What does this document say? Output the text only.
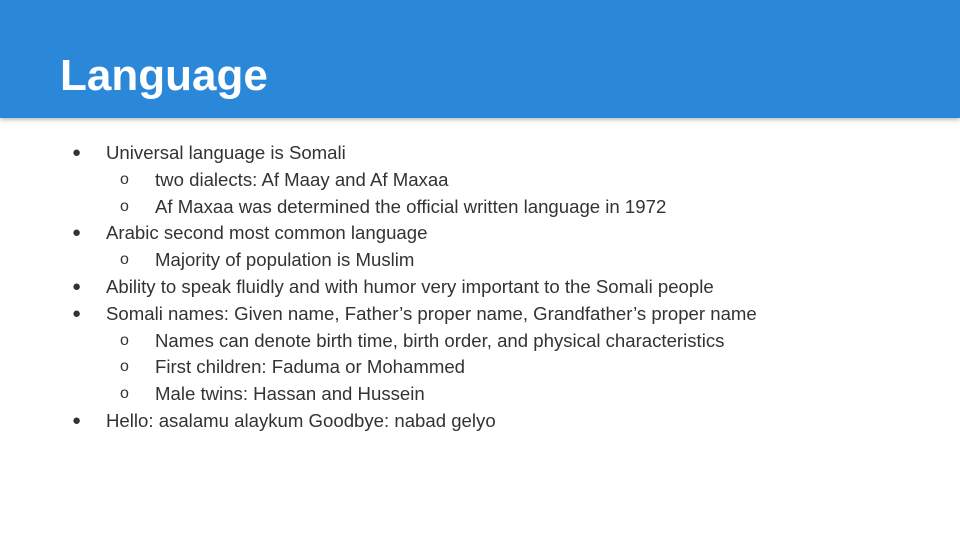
Language
● Universal language is Somali
o two dialects: Af Maay and Af Maxaa
o Af Maxaa was determined the official written language in 1972
● Arabic second most common language
o Majority of population is Muslim
● Ability to speak fluidly and with humor very important to the Somali people
● Somali names: Given name, Father’s proper name, Grandfather’s proper name
o Names can denote birth time, birth order, and physical characteristics
o First children: Faduma or Mohammed
o Male twins: Hassan and Hussein
● Hello: asalamu alaykum Goodbye: nabad gelyo
